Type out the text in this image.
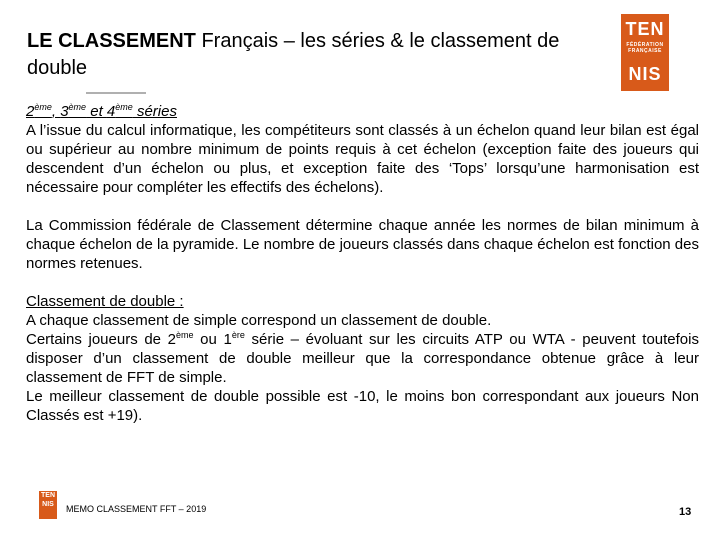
LE CLASSEMENT Français – les séries & le classement de double
TEN
FÉDÉRATION FRANÇAISE
NIS

2ème, 3ème et 4ème séries

A l’issue du calcul informatique, les compétiteurs sont classés à un échelon quand leur bilan est égal ou supérieur au nombre minimum de points requis à cet échelon (exception faite des joueurs qui descendent d’un échelon ou plus, et exception faite des ‘Tops’ lorsqu’une harmonisation est nécessaire pour compléter les effectifs des échelons).

La Commission fédérale de Classement détermine chaque année les normes de bilan minimum à chaque échelon de la pyramide. Le nombre de joueurs classés dans chaque échelon est fonction des normes retenues.

Classement de double :

A chaque classement de simple correspond un classement de double.

Certains joueurs de 2ème ou 1ère série – évoluant sur les circuits ATP ou WTA - peuvent toutefois disposer d’un classement de double meilleur que la correspondance obtenue grâce à leur classement de FFT de simple.

Le meilleur classement de double possible est -10, le moins bon correspondant aux joueurs Non Classés est +19).

TEN
NIS	MEMO CLASSEMENT FFT – 2019	13
